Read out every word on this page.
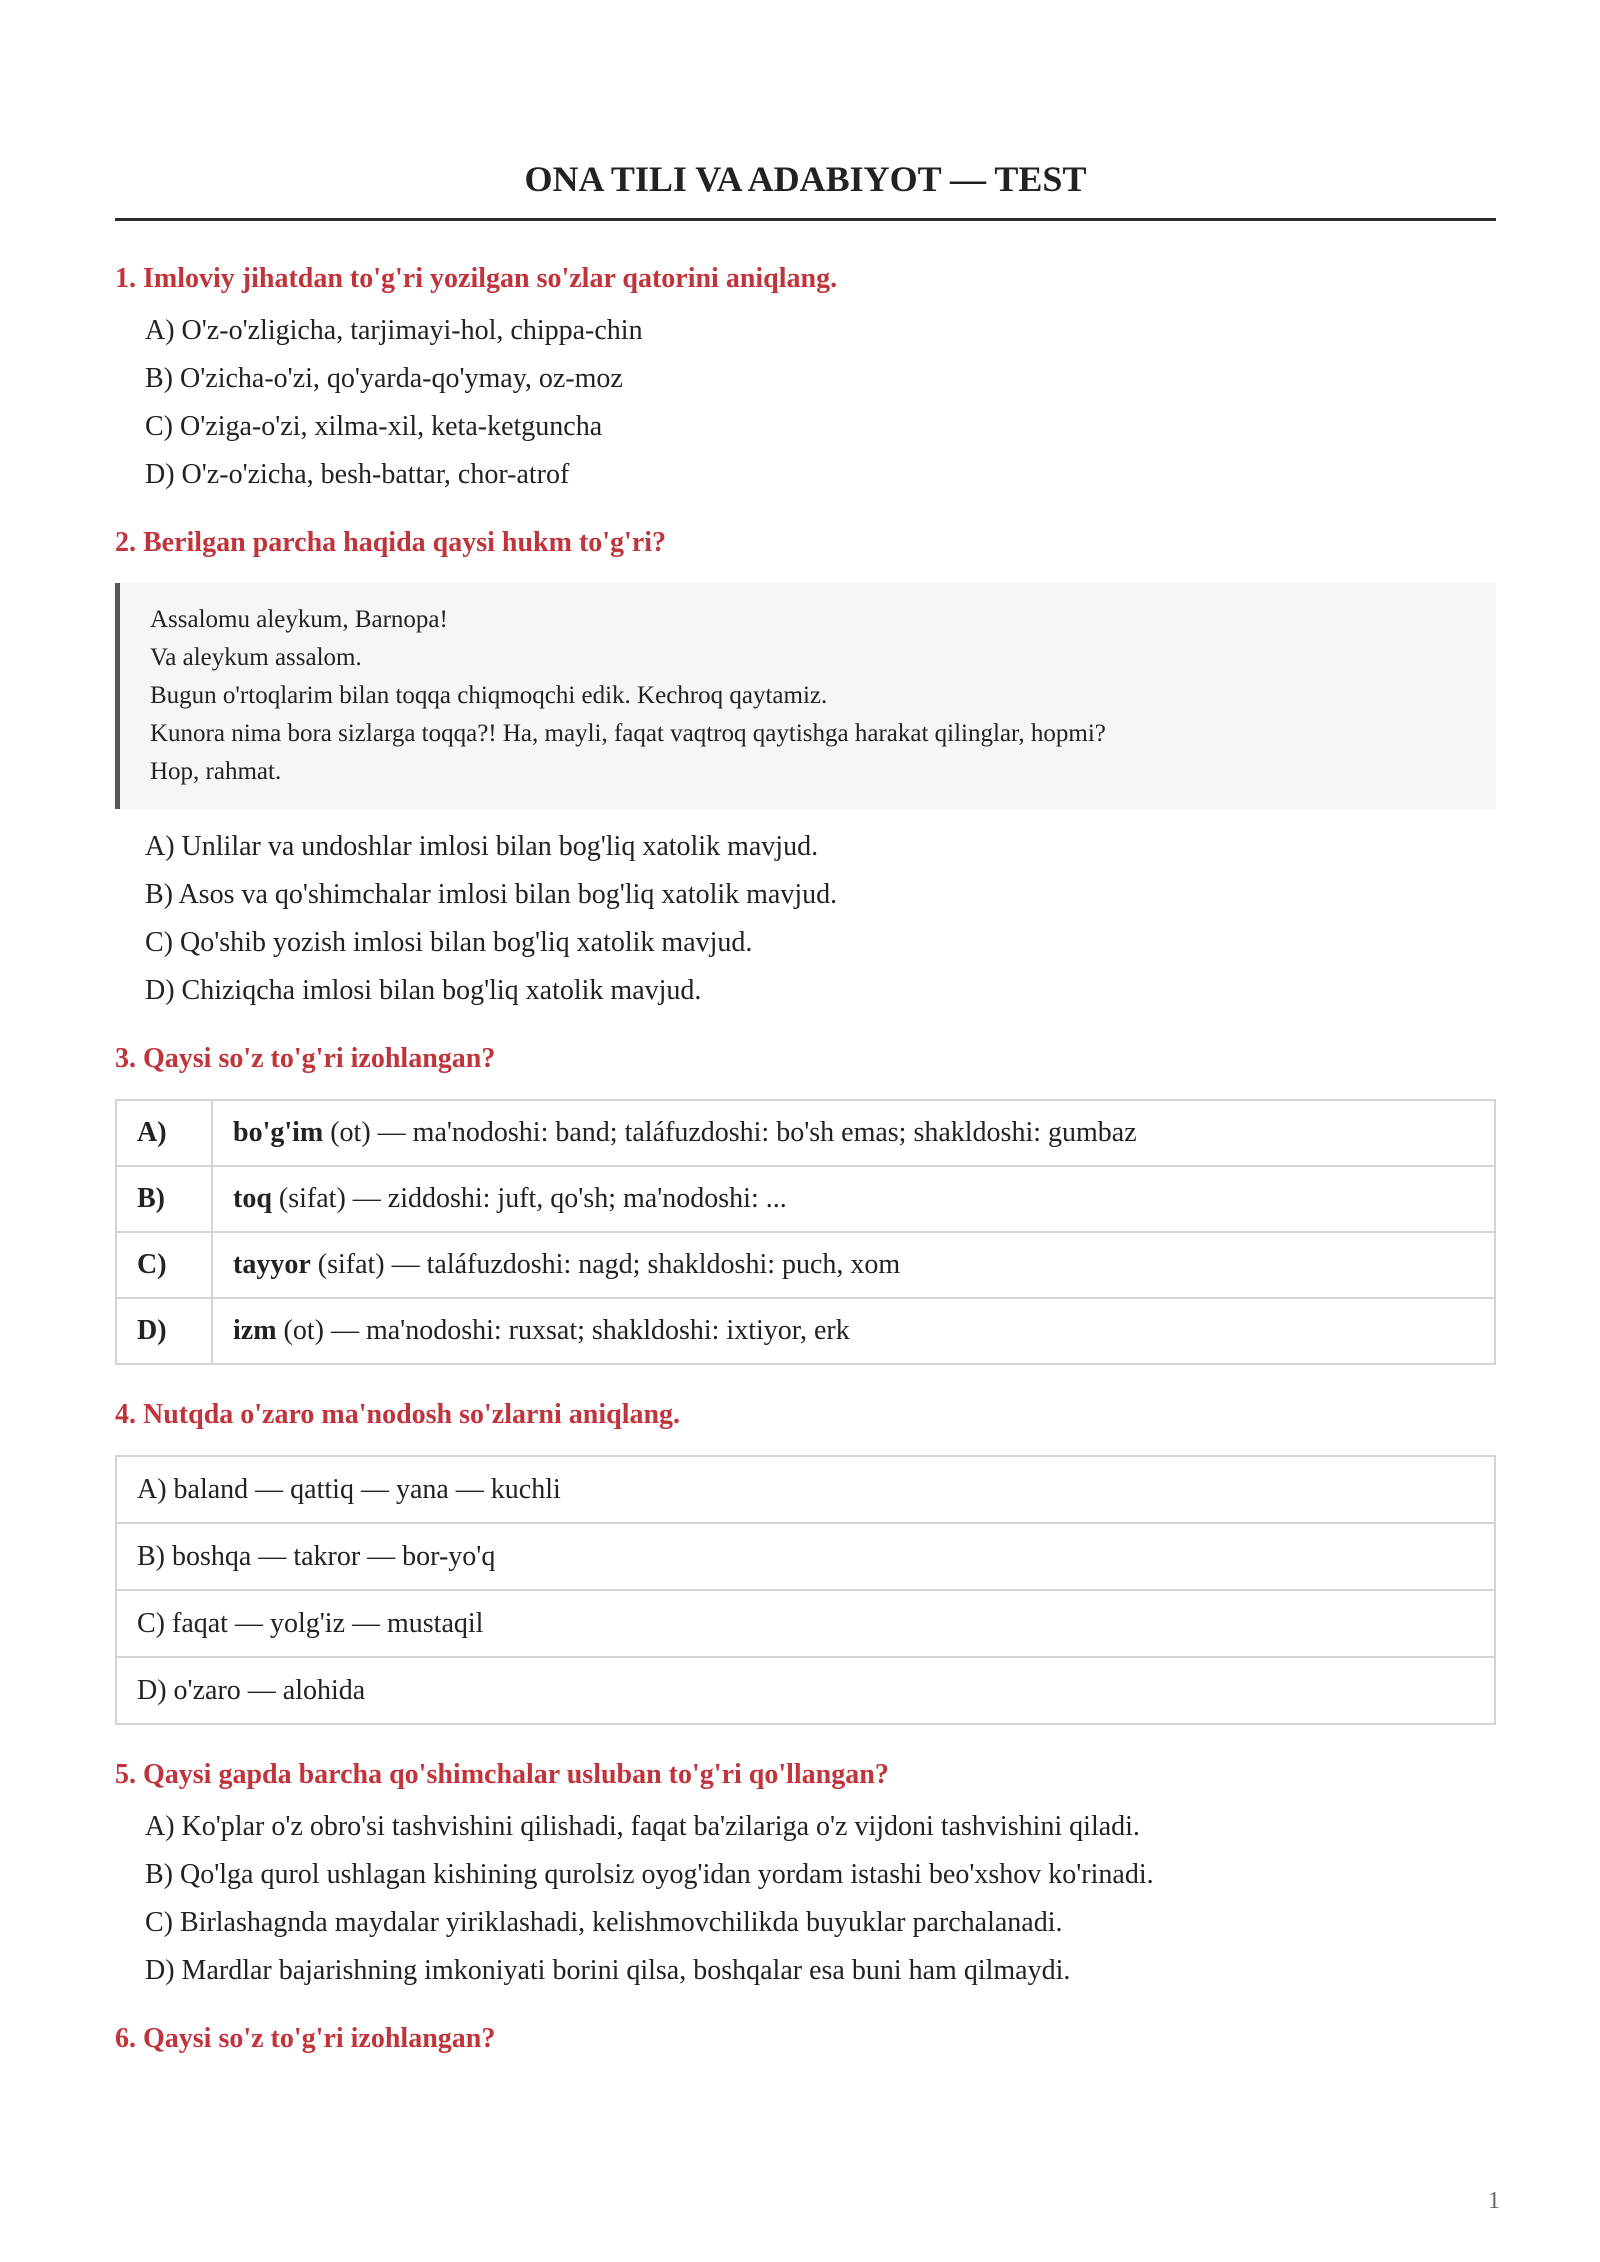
ONA TILI VA ADABIYOT — TEST

1. Imloviy jihatdan to'g'ri yozilgan so'zlar qatorini aniqlang.

A) O'z-o'zligicha, tarjimayi-hol, chippa-chin
B) O'zicha-o'zi, qo'yarda-qo'ymay, oz-moz
C) O'ziga-o'zi, xilma-xil, keta-ketguncha
D) O'z-o'zicha, besh-battar, chor-atrof

2. Berilgan parcha haqida qaysi hukm to'g'ri?

Assalomu aleykum, Barnopa!
Va aleykum assalom.
Bugun o'rtoqlarim bilan toqqa chiqmoqchi edik. Kechroq qaytamiz.
Kunora nima bora sizlarga toqqa?! Ha, mayli, faqat vaqtroq qaytishga harakat qilinglar, hopmi?
Hop, rahmat.
A) Unlilar va undoshlar imlosi bilan bog'liq xatolik mavjud.
B) Asos va qo'shimchalar imlosi bilan bog'liq xatolik mavjud.
C) Qo'shib yozish imlosi bilan bog'liq xatolik mavjud.
D) Chiziqcha imlosi bilan bog'liq xatolik mavjud.

3. Qaysi so'z to'g'ri izohlangan?

A)	bo'g'im (ot) — ma'nodoshi: band; taláfuzdoshi: bo'sh emas; shakldoshi: gumbaz
B)	toq (sifat) — ziddoshi: juft, qo'sh; ma'nodoshi: ...
C)	tayyor (sifat) — taláfuzdoshi: nagd; shakldoshi: puch, xom
D)	izm (ot) — ma'nodoshi: ruxsat; shakldoshi: ixtiyor, erk

4. Nutqda o'zaro ma'nodosh so'zlarni aniqlang.

A) baland — qattiq — yana — kuchli
B) boshqa — takror — bor-yo'q
C) faqat — yolg'iz — mustaqil
D) o'zaro — alohida

5. Qaysi gapda barcha qo'shimchalar usluban to'g'ri qo'llangan?

A) Ko'plar o'z obro'si tashvishini qilishadi, faqat ba'zilariga o'z vijdoni tashvishini qiladi.
B) Qo'lga qurol ushlagan kishining qurolsiz oyog'idan yordam istashi beo'xshov ko'rinadi.
C) Birlashagnda maydalar yiriklashadi, kelishmovchilikda buyuklar parchalanadi.
D) Mardlar bajarishning imkoniyati borini qilsa, boshqalar esa buni ham qilmaydi.

6. Qaysi so'z to'g'ri izohlangan?

1
